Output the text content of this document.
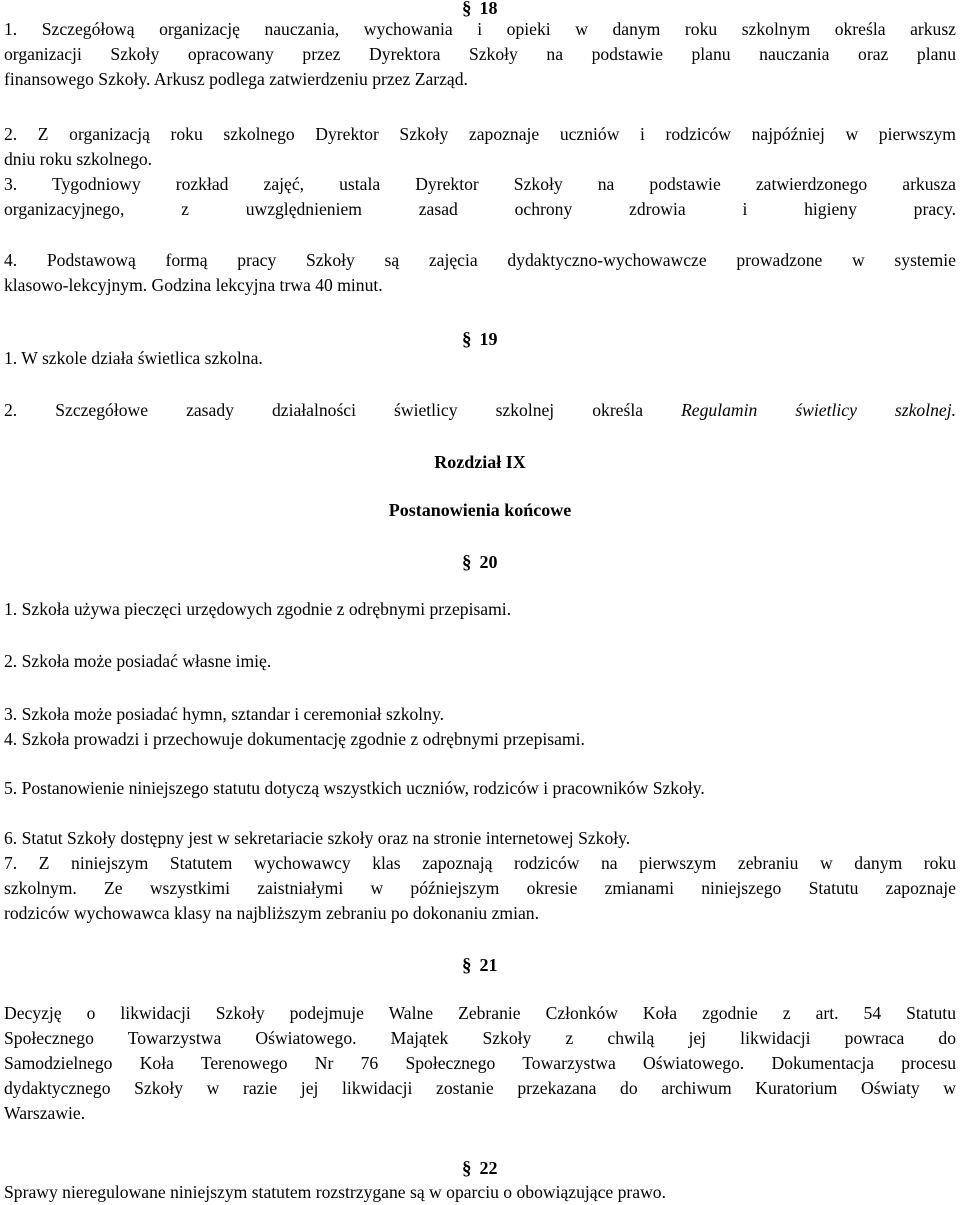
§ 18
1. Szczegółową organizację nauczania, wychowania i opieki w danym roku szkolnym określa arkusz
organizacji Szkoły opracowany przez Dyrektora Szkoły na podstawie planu nauczania oraz planu
finansowego Szkoły. Arkusz podlega zatwierdzeniu przez Zarząd.
2. Z organizacją roku szkolnego Dyrektor Szkoły zapoznaje uczniów i rodziców najpóźniej w pierwszym
dniu roku szkolnego.
3. Tygodniowy rozkład zajęć, ustala Dyrektor Szkoły na podstawie zatwierdzonego arkusza
organizacyjnego, z uwzględnieniem zasad ochrony zdrowia i higieny pracy.
4. Podstawową formą pracy Szkoły są zajęcia dydaktyczno-wychowawcze prowadzone w systemie
klasowo-lekcyjnym. Godzina lekcyjna trwa 40 minut.
§ 19
1. W szkole działa świetlica szkolna.
2. Szczegółowe zasady działalności świetlicy szkolnej określa Regulamin świetlicy szkolnej.
Rozdział IX
Postanowienia końcowe
§ 20
1. Szkoła używa pieczęci urzędowych zgodnie z odrębnymi przepisami.
2. Szkoła może posiadać własne imię.
3. Szkoła może posiadać hymn, sztandar i ceremoniał szkolny.
4. Szkoła prowadzi i przechowuje dokumentację zgodnie z odrębnymi przepisami.
5. Postanowienie niniejszego statutu dotyczą wszystkich uczniów, rodziców i pracowników Szkoły.
6. Statut Szkoły dostępny jest w sekretariacie szkoły oraz na stronie internetowej Szkoły.
7. Z niniejszym Statutem wychowawcy klas zapoznają rodziców na pierwszym zebraniu w danym roku
szkolnym. Ze wszystkimi zaistniałymi w późniejszym okresie zmianami niniejszego Statutu zapoznaje
rodziców wychowawca klasy na najbliższym zebraniu po dokonaniu zmian.
§ 21
Decyzję o likwidacji Szkoły podejmuje Walne Zebranie Członków Koła zgodnie z art. 54 Statutu
Społecznego Towarzystwa Oświatowego. Majątek Szkoły z chwilą jej likwidacji powraca do
Samodzielnego Koła Terenowego Nr 76 Społecznego Towarzystwa Oświatowego. Dokumentacja procesu
dydaktycznego Szkoły w razie jej likwidacji zostanie przekazana do archiwum Kuratorium Oświaty w
Warszawie.
§ 22
Sprawy nieregulowane niniejszym statutem rozstrzygane są w oparciu o obowiązujące prawo.
